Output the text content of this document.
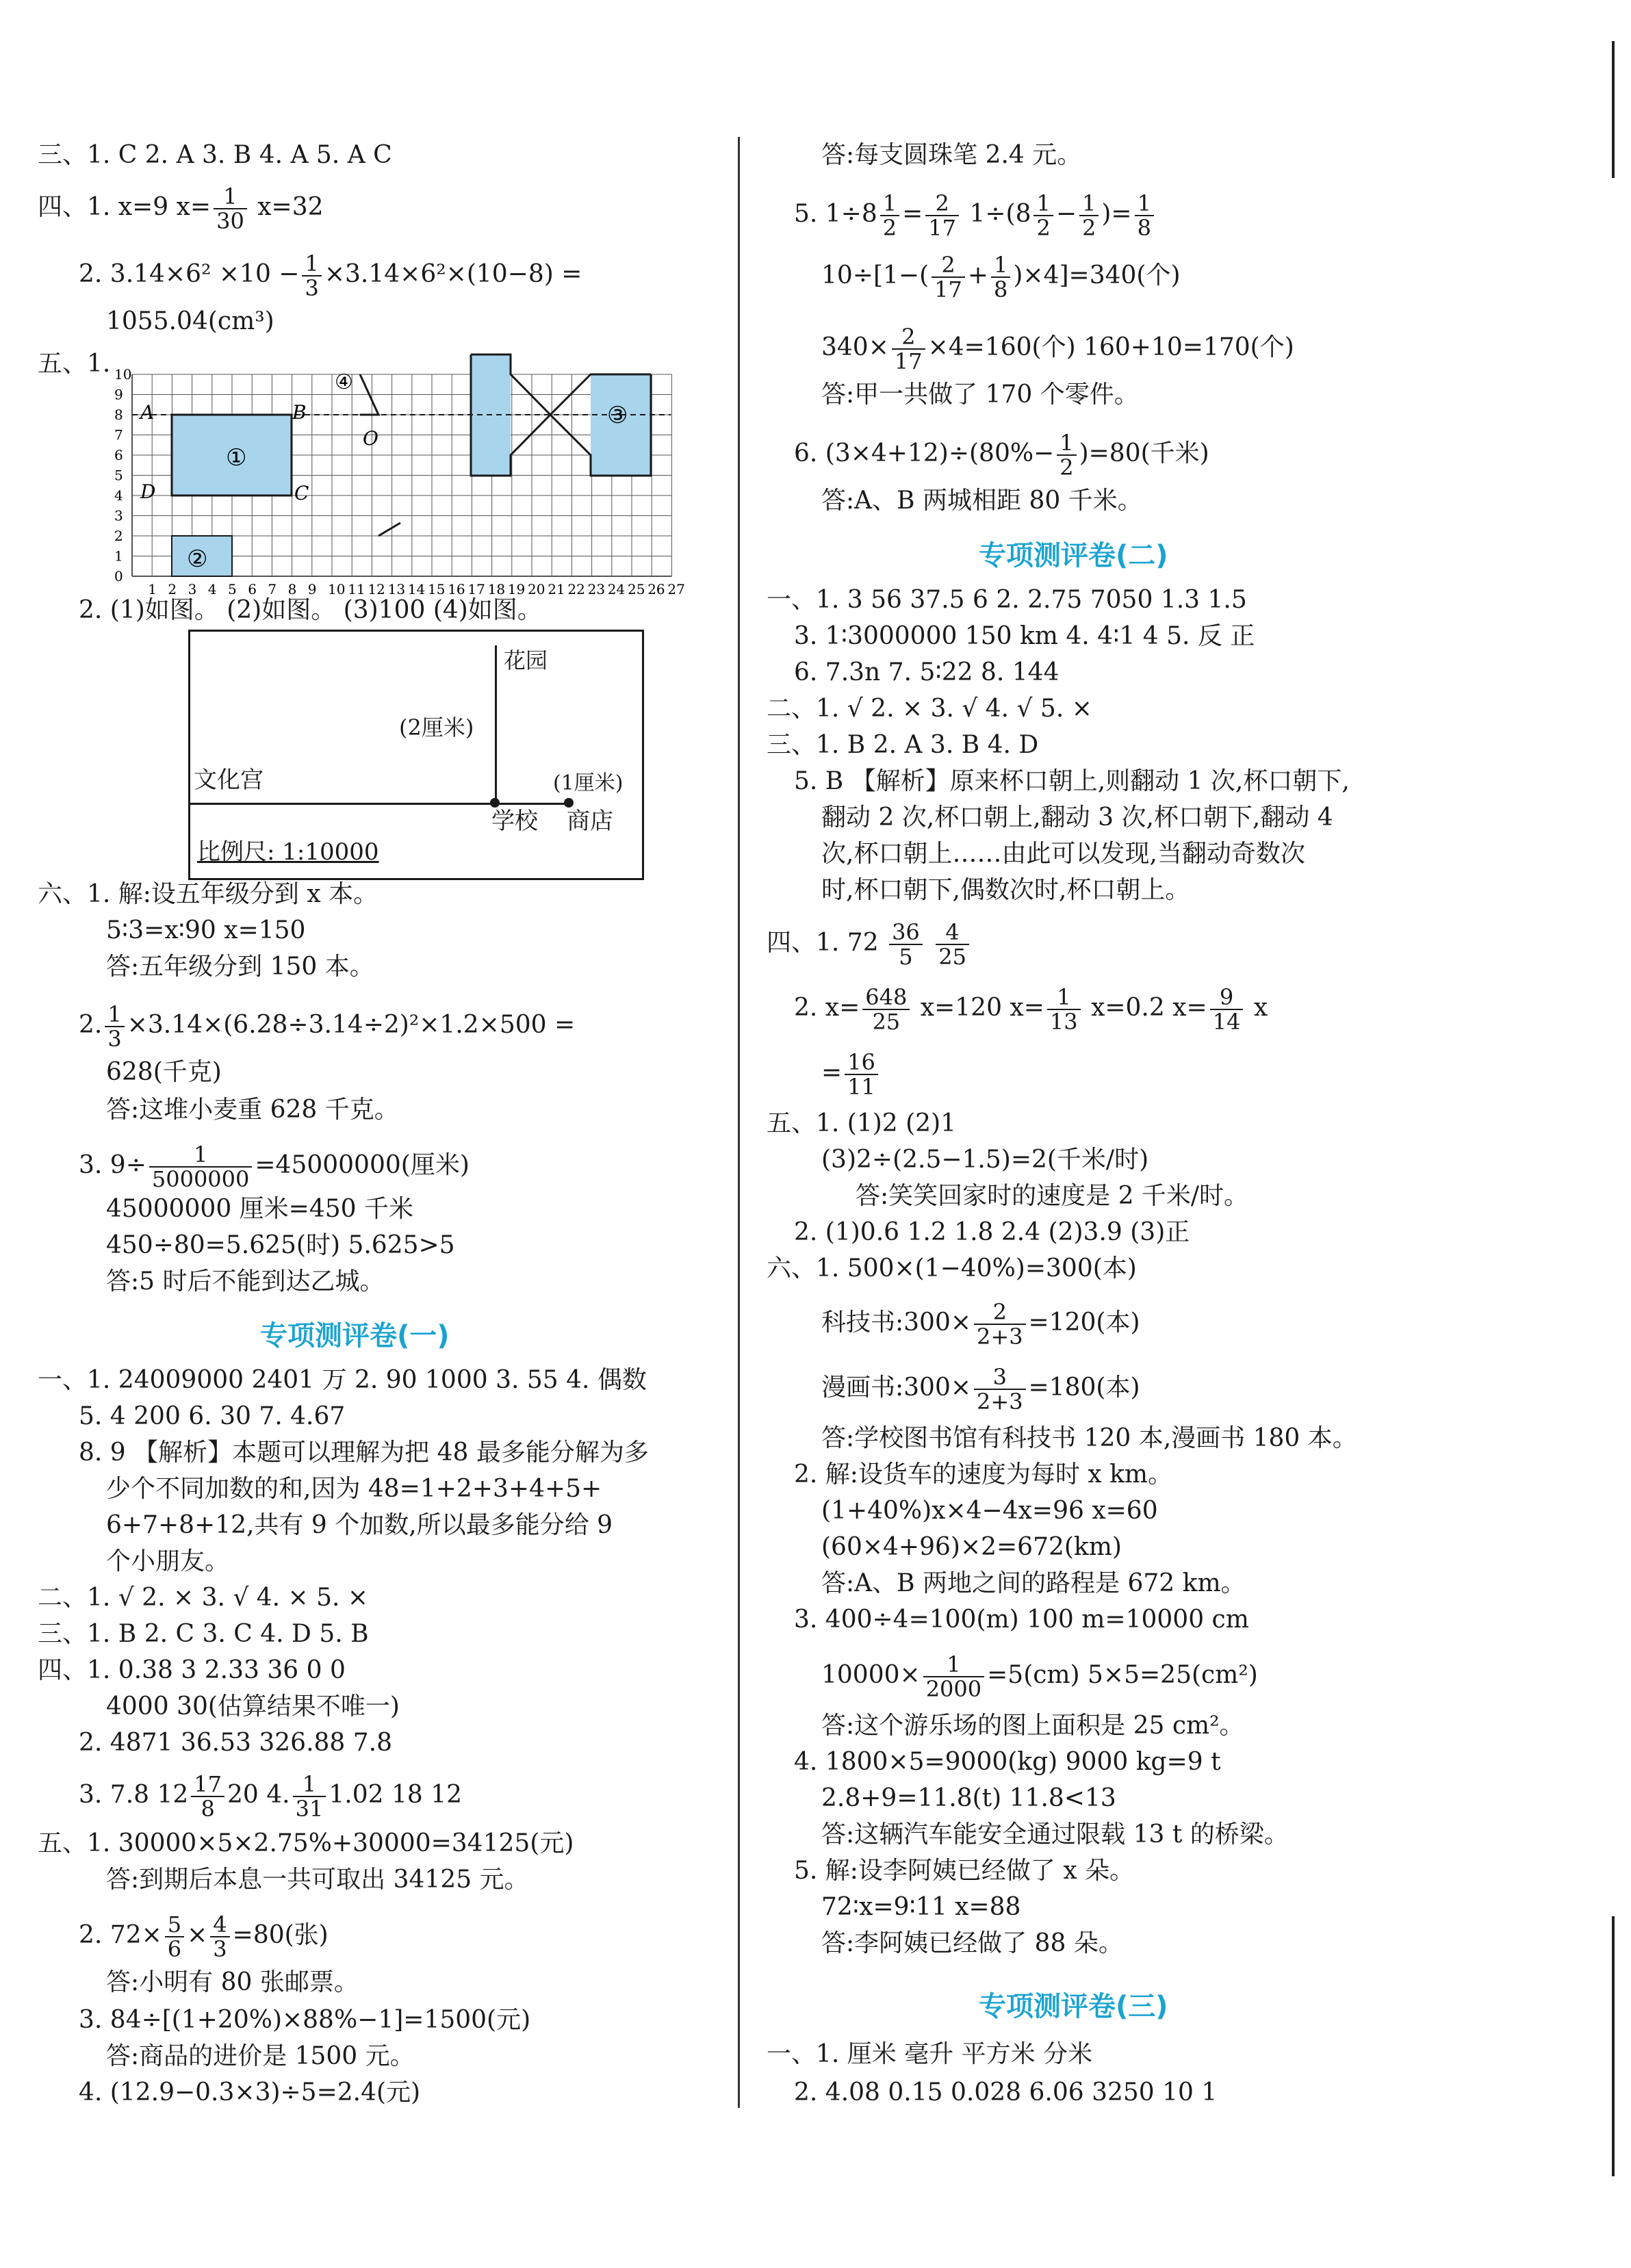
三、1. C 2. A 3. B 4. A 5. A C
四、1. x=9 $x= \frac{1}{30} x=32$
2. $3.14\times 6^2 \times 10 - \frac{1}{3} \times 3.14\times 6^2\times(10-8)$ =
1055.04(cm³)
五、1.
1 2 3 4 5 6 7 8 9 10 11 12 13 14 15 16 17 18 19 20 21 22 23 24 25 26 27
0
1
2
3
4
5
6
7
8
9
10
A	B
C
D
O
①
②
③
④
2. (1)如图。 (2)如图。 (3)100 (4)如图。
花园
(2厘米)
文化宫	(1厘米)
学校 商店
比例尺: 1:10000
六、1. 解:设五年级分到 x 本。
5∶3=x∶90 x=150
答:五年级分到 150 本。
2. $\frac{1}{3} \times 3.14\times(6.28\div 3.14\div 2)^2\times 1.2\times 500$ =
628(千克)
答:这堆小麦重 628 千克。
3. $9\div \frac{1}{5000000} =45000000$(厘米)
45000000 厘米=450 千米
450÷80=5.625(时) 5.625>5
答:5 时后不能到达乙城。
专项测评卷(一)
一、1. 24009000 2401 万 2. 90 1000 3. 55 4. 偶数
5. 4 200 6. 30 7. 4.67
8. 9 【解析】本题可以理解为把 48 最多能分解为多
少个不同加数的和,因为 48=1+2+3+4+5+
6+7+8+12,共有 9 个加数,所以最多能分给 9
个小朋友。
二、1. √ 2. × 3. √ 4. × 5. ×
三、1. B 2. C 3. C 4. D 5. B
四、1. 0.38 3 2.33 36 0 0
4000 30(估算结果不唯一)
2. 4871 36.53 326.88 7.8
3. 7.8 $12 \frac{17}{8} 20$ 4. $\frac{1}{31} 1.02$ 18 12
五、1. 30000×5×2.75%+30000=34125(元)
答:到期后本息一共可取出 34125 元。
2. $72\times \frac{5}{6} \times \frac{4}{3} =80$(张)
答:小明有 80 张邮票。
3. 84÷[(1+20%)×88%−1]=1500(元)
答:商品的进价是 1500 元。
4. (12.9−0.3×3)÷5=2.4(元)
答:每支圆珠笔 2.4 元。
5. $1\div 8 \frac{1}{2} = \frac{2}{17} 1\div(8 \frac{1}{2} - \frac{1}{2}$ )= $\frac{1}{8}$
$10\div[1-( \frac{2}{17} + \frac{1}{8} )\times 4]=340$(个)
$340\times \frac{2}{17} \times 4=160$(个) 160+10=170(个)
答:甲一共做了 170 个零件。
6. $(3\times 4+12)\div(80\%- \frac{1}{2} )=80$(千米)
答:A、B 两城相距 80 千米。
专项测评卷(二)
一、1. 3 56 37.5 6 2. 2.75 7050 1.3 1.5
3. 1∶3000000 150 km 4. 4∶1 4 5. 反 正
6. 7.3n 7. 5∶22 8. 144
二、1. √ 2. × 3. √ 4. √ 5. ×
三、1. B 2. A 3. B 4. D
5. B 【解析】原来杯口朝上,则翻动 1 次,杯口朝下,
翻动 2 次,杯口朝上,翻动 3 次,杯口朝下,翻动 4
次,杯口朝上……由此可以发现,当翻动奇数次
时,杯口朝下,偶数次时,杯口朝上。
四、1. $72 \frac{36}{5}$
$\frac{4}{25}$
2. $x= \frac{648}{25} x=120$ $x= \frac{1}{13} x=0.2$ $x= \frac{9}{14}$ x
= $\frac{16}{11}$
五、1. (1)2 (2)1
(3)2÷(2.5−1.5)=2(千米/时)
答:笑笑回家时的速度是 2 千米/时。
2. (1)0.6 1.2 1.8 2.4 (2)3.9 (3)正
六、1. 500×(1−40%)=300(本)
科技书:300× $\frac{2}{2+3} =120$(本)
漫画书:300× $\frac{3}{2+3} =180$(本)
答:学校图书馆有科技书 120 本,漫画书 180 本。
2. 解:设货车的速度为每时 x km。
(1+40%)x×4−4x=96 x=60
(60×4+96)×2=672(km)
答:A、B 两地之间的路程是 672 km。
3. 400÷4=100(m) 100 m=10000 cm
$10000\times \frac{1}{2000} =5(cm)$ 5×5=25(cm²)
答:这个游乐场的图上面积是 25 cm²。
4. 1800×5=9000(kg) 9000 kg=9 t
2.8+9=11.8(t) 11.8<13
答:这辆汽车能安全通过限载 13 t 的桥梁。
5. 解:设李阿姨已经做了 x 朵。
72∶x=9∶11 x=88
答:李阿姨已经做了 88 朵。
专项测评卷(三)
一、1. 厘米 毫升 平方米 分米
2. 4.08 0.15 0.028 6.06 3250 10 1
